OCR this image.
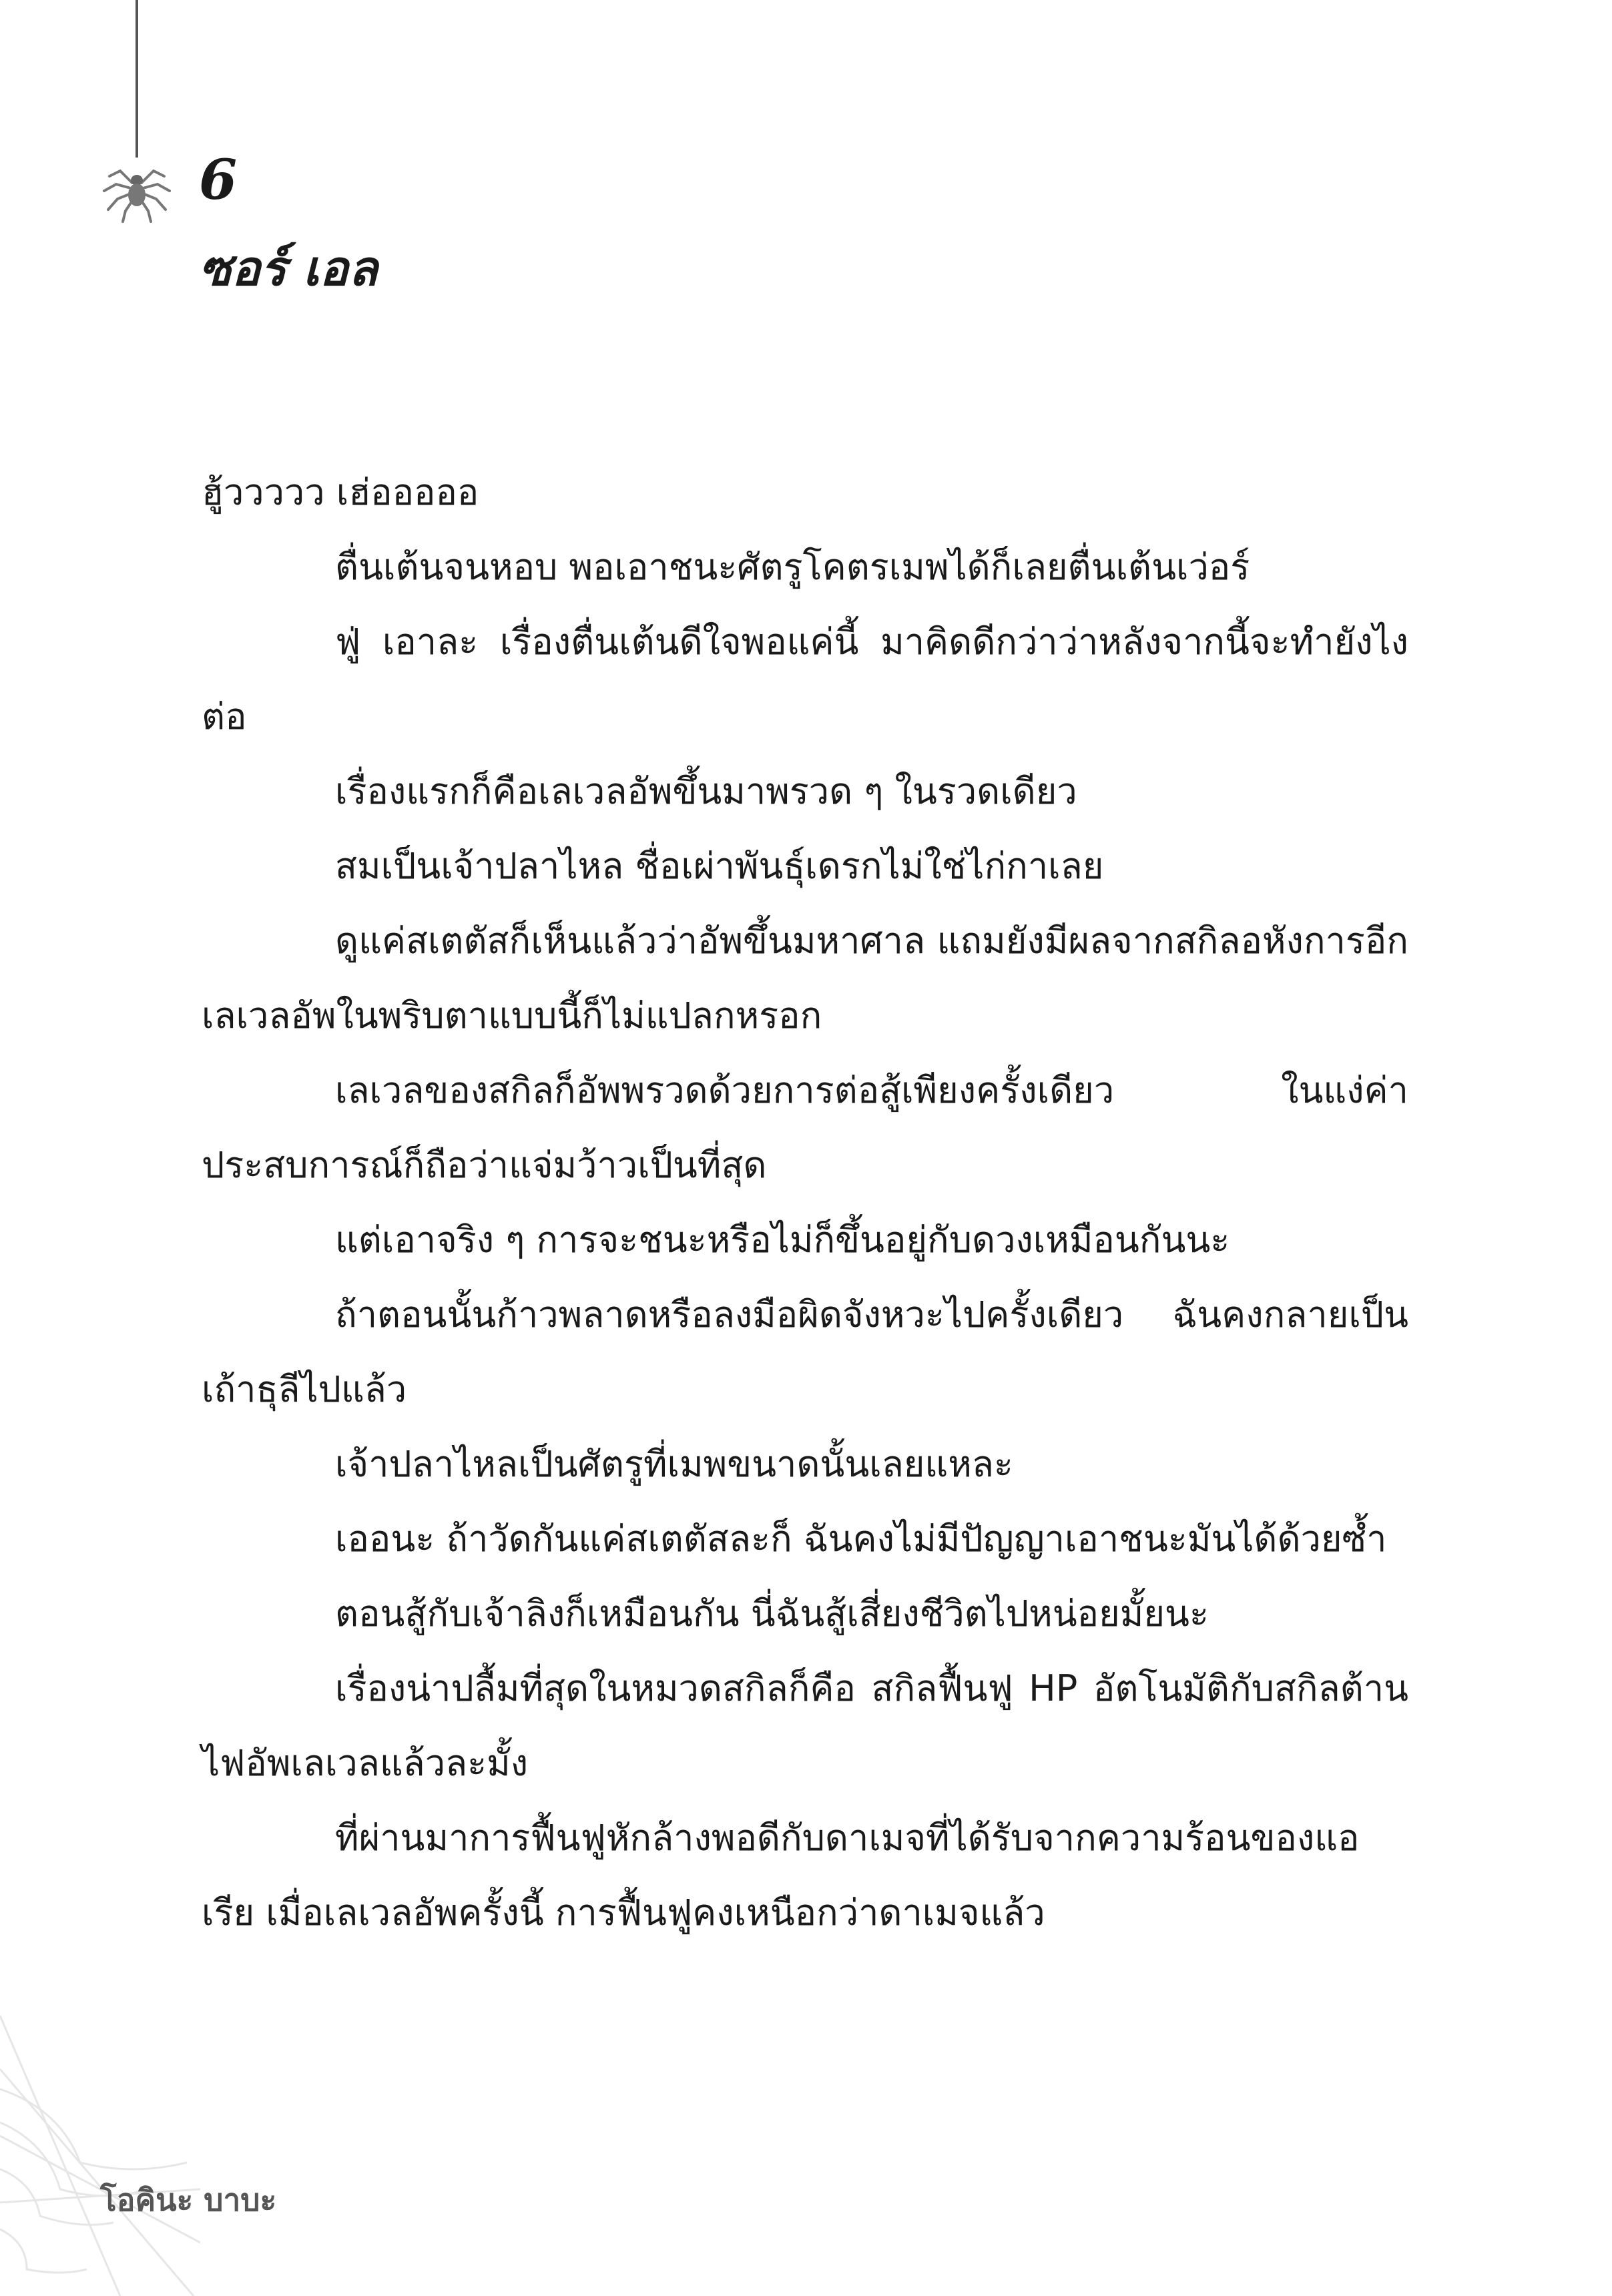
6
ซอร์ เอล

ฮู้ววววว เฮ่อออออ

ตื่นเต้นจนหอบ พอเอาชนะศัตรูโคตรเมพได้ก็เลยตื่นเต้นเว่อร์

ฟู่ เอาละ เรื่องตื่นเต้นดีใจพอแค่นี้ มาคิดดีกว่าว่าหลังจากนี้จะทำยังไงต่อ

เรื่องแรกก็คือเลเวลอัพขึ้นมาพรวด ๆ ในรวดเดียว

สมเป็นเจ้าปลาไหล ชื่อเผ่าพันธุ์เดรกไม่ใช่ไก่กาเลย

ดูแค่สเตตัสก็เห็นแล้วว่าอัพขึ้นมหาศาล แถมยังมีผลจากสกิลอหังการอีก เลเวลอัพในพริบตาแบบนี้ก็ไม่แปลกหรอก

เลเวลของสกิลก็อัพพรวดด้วยการต่อสู้เพียงครั้งเดียว ในแง่ค่าประสบการณ์ก็ถือว่าแจ่มว้าวเป็นที่สุด

แต่เอาจริง ๆ การจะชนะหรือไม่ก็ขึ้นอยู่กับดวงเหมือนกันนะ

ถ้าตอนนั้นก้าวพลาดหรือลงมือผิดจังหวะไปครั้งเดียว ฉันคงกลายเป็นเถ้าธุลีไปแล้ว

เจ้าปลาไหลเป็นศัตรูที่เมพขนาดนั้นเลยแหละ

เออนะ ถ้าวัดกันแค่สเตตัสละก็ ฉันคงไม่มีปัญญาเอาชนะมันได้ด้วยซ้ำ

ตอนสู้กับเจ้าลิงก็เหมือนกัน นี่ฉันสู้เสี่ยงชีวิตไปหน่อยมั้ยนะ

เรื่องน่าปลื้มที่สุดในหมวดสกิลก็คือ สกิลฟื้นฟู HP อัตโนมัติกับสกิลต้านไฟอัพเลเวลแล้วละมั้ง

ที่ผ่านมาการฟื้นฟูหักล้างพอดีกับดาเมจที่ได้รับจากความร้อนของแอเรีย เมื่อเลเวลอัพครั้งนี้ การฟื้นฟูคงเหนือกว่าดาเมจแล้ว

โอคินะ บาบะ
